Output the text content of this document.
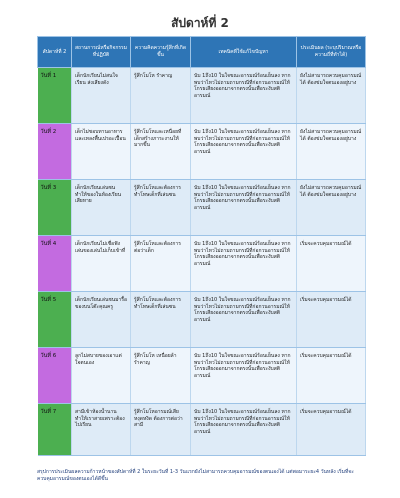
สัปดาห์ที่ 2
สัปดาห์ที่ 2	สถานการณ์หรือกิจกรรมที่ปฏิบัติ	ความคิดความรู้สึกที่เกิดขึ้น	เทคนิคที่ใช้แก้ไขปัญหา	ประเมินผล (ระบุปริมาณหรือความถี่ที่ทำได้)
วันที่ 1	เด็กนักเรียนไม่สนใจเรียน ส่งเสียงดัง	รู้สึกโมโห รำคาญ	นับ 1ถึง10 ในใจขณะอารมณ์ร้อนเย็นลง หากพบว่าไหวไม่ถามถามกรณีที่ก่อกวนอารมณ์ให้โกรธเสียงออกมาจากตรงนั้นเพื่อระงับสติ อารมณ์	ยังไม่สามารถควบคุมอารมณ์ได้ ต้องข่มใจตนเองอยู่บาง
วันที่ 2	เด็กไม่ชอบทานอาหารและเทลงพื้นเปรอะเปื้อน	รู้สึกโมโหและเหนื่อยที่เด็กสร้างภาระงานให้มากขึ้น	นับ 1ถึง10 ในใจขณะอารมณ์ร้อนเย็นลง หากพบว่าไหวไม่ถามถามกรณีที่ก่อกวนอารมณ์ให้โกรธเสียงออกมาจากตรงนั้นเพื่อระงับสติ อารมณ์	ยังไม่สามารถควบคุมอารมณ์ได้ ต้องข่มใจตนเองอยู่บาง
วันที่ 3	เด็กนักเรียนเล่นซน ทำให้ของในห้องเรียนเสียหาย	รู้สึกโมโหและต้องการทำโทษเด็กที่เล่นซน	นับ 1ถึง10 ในใจขณะอารมณ์ร้อนเย็นลง หากพบว่าไหวไม่ถามถามกรณีที่ก่อกวนอารมณ์ให้โกรธเสียงออกมาจากตรงนั้นเพื่อระงับสติ อารมณ์	ยังไม่สามารถควบคุมอารมณ์ได้ ต้องข่มใจตนเองอยู่บาง
วันที่ 4	เด็กนักเรียนไม่เชื่อฟังเล่นของเล่นไม่เก็บเข้าที่	รู้สึกโมโหและต้องการต่อว่าเด็ก	นับ 1ถึง10 ในใจขณะอารมณ์ร้อนเย็นลง หากพบว่าไหวไม่ถามถามกรณีที่ก่อกวนอารมณ์ให้โกรธเสียงออกมาจากตรงนั้นเพื่อระงับสติ อารมณ์	เริ่มจะควบคุมอารมณ์ได้
วันที่ 5	เด็กนักเรียนเล่นชนมารื้อของบนโต๊ะคุณครู	รู้สึกโมโหและต้องการทำโทษเด็กที่เล่นซน	นับ 1ถึง10 ในใจขณะอารมณ์ร้อนเย็นลง หากพบว่าไหวไม่ถามถามกรณีที่ก่อกวนอารมณ์ให้โกรธเสียงออกมาจากตรงนั้นเพื่อระงับสติ อารมณ์	เริ่มจะควบคุมอารมณ์ได้
วันที่ 6	ลูกไม่สบายของเอาแต่ใจตนเอง	รู้สึกโมโห เหนื่อยล้า รำคาญ	นับ 1ถึง10 ในใจขณะอารมณ์ร้อนเย็นลง หากพบว่าไหวไม่ถามถามกรณีที่ก่อกวนอารมณ์ให้โกรธเสียงออกมาจากตรงนั้นเพื่อระงับสติ อารมณ์	เริ่มจะควบคุมอารมณ์ได้
วันที่ 7	สามีเข้าห้องน้ำนานทำให้เราสายเพราะต้องไปเรียน	รู้สึกโมโหอารมณ์เสียหงุดหงิด ต้องการต่อว่าสามี	นับ 1ถึง10 ในใจขณะอารมณ์ร้อนเย็นลง หากพบว่าไหวไม่ถามถามกรณีที่ก่อกวนอารมณ์ให้โกรธเสียงออกมาจากตรงนั้นเพื่อระงับสติ อารมณ์	เริ่มจะควบคุมอารมณ์ได้
สรุปการประเมินผลความก้าวหน้าของสัปดาห์ที่ 2 ในระยะวันที่ 1-3 วันแรกยังไม่สามารถควบคุมอารมณ์ของตนเองได้ แต่พอมาระยะ4 วันหลัง เริ่มที่จะควบคุมอารมณ์ของตนเองได้ดีขึ้น
